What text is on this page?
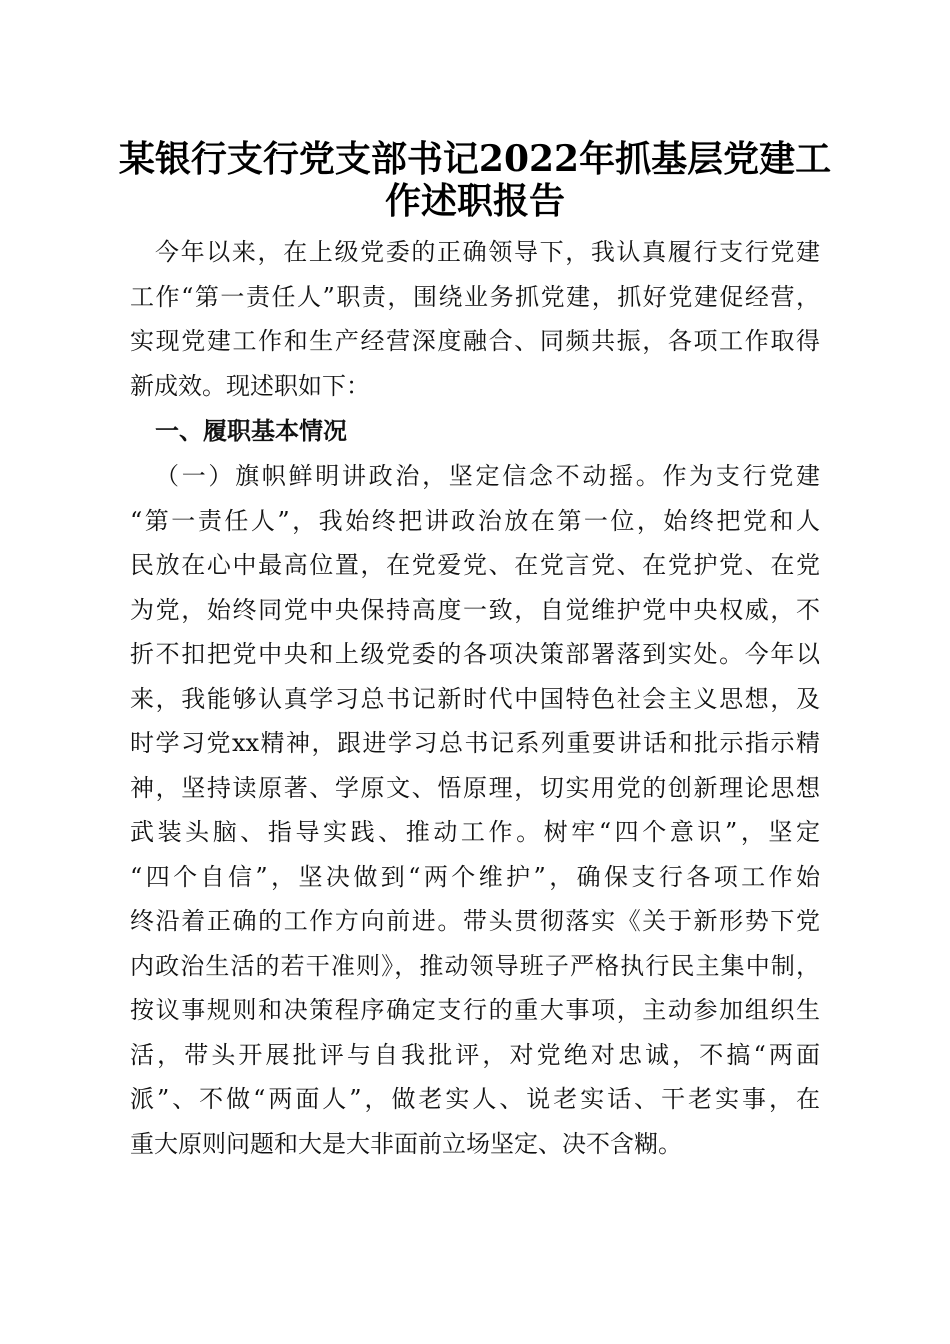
某银行支行党支部书记2022年抓基层党建工
作述职报告
今年以来，在上级党委的正确领导下，我认真履行支行党建
工作“第一责任人”职责，围绕业务抓党建，抓好党建促经营，
实现党建工作和生产经营深度融合、同频共振，各项工作取得
新成效。现述职如下：
一、履职基本情况
（一）旗帜鲜明讲政治，坚定信念不动摇。作为支行党建
“第一责任人”，我始终把讲政治放在第一位，始终把党和人
民放在心中最高位置，在党爱党、在党言党、在党护党、在党
为党，始终同党中央保持高度一致，自觉维护党中央权威，不
折不扣把党中央和上级党委的各项决策部署落到实处。今年以
来，我能够认真学习总书记新时代中国特色社会主义思想，及
时学习党xx精神，跟进学习总书记系列重要讲话和批示指示精
神，坚持读原著、学原文、悟原理，切实用党的创新理论思想
武装头脑、指导实践、推动工作。树牢“四个意识”，坚定
“四个自信”，坚决做到“两个维护”，确保支行各项工作始
终沿着正确的工作方向前进。带头贯彻落实《关于新形势下党
内政治生活的若干准则》，推动领导班子严格执行民主集中制，
按议事规则和决策程序确定支行的重大事项，主动参加组织生
活，带头开展批评与自我批评，对党绝对忠诚，不搞“两面
派”、不做“两面人”，做老实人、说老实话、干老实事，在
重大原则问题和大是大非面前立场坚定、决不含糊。
